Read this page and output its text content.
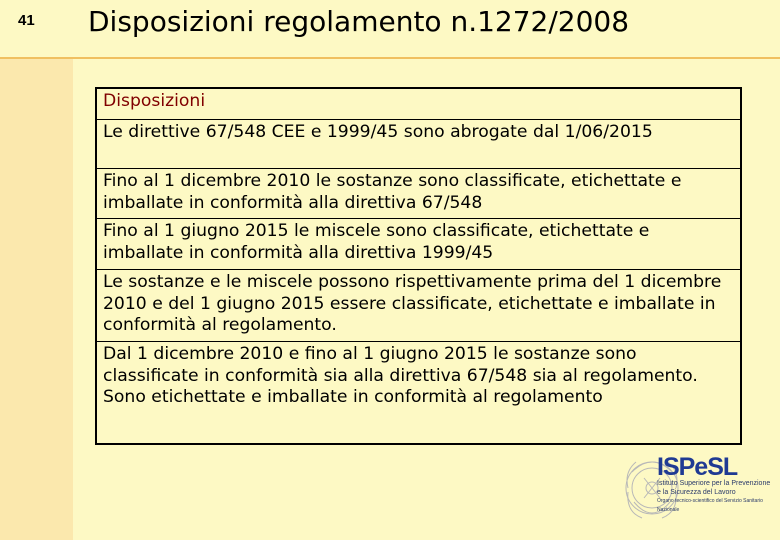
41 Disposizioni regolamento n.1272/2008
Disposizioni
Le direttive 67/548 CEE e 1999/45 sono abrogate dal 1/06/2015
Fino al 1 dicembre 2010 le sostanze sono classificate, etichettate e imballate in conformità alla direttiva 67/548
Fino al 1 giugno 2015 le miscele sono classificate, etichettate e imballate in conformità alla direttiva 1999/45
Le sostanze e le miscele possono rispettivamente prima del 1 dicembre 2010 e del 1 giugno 2015 essere classificate, etichettate e imballate in conformità al regolamento.
Dal 1 dicembre 2010 e fino al 1 giugno 2015 le sostanze sono classificate in conformità sia alla direttiva 67/548 sia al regolamento. Sono etichettate e imballate in conformità al regolamento
ISPeSL
Istituto Superiore per la Prevenzione
e la Sicurezza del Lavoro
Organo tecnico-scientifico del Servizio Sanitario Nazionale
